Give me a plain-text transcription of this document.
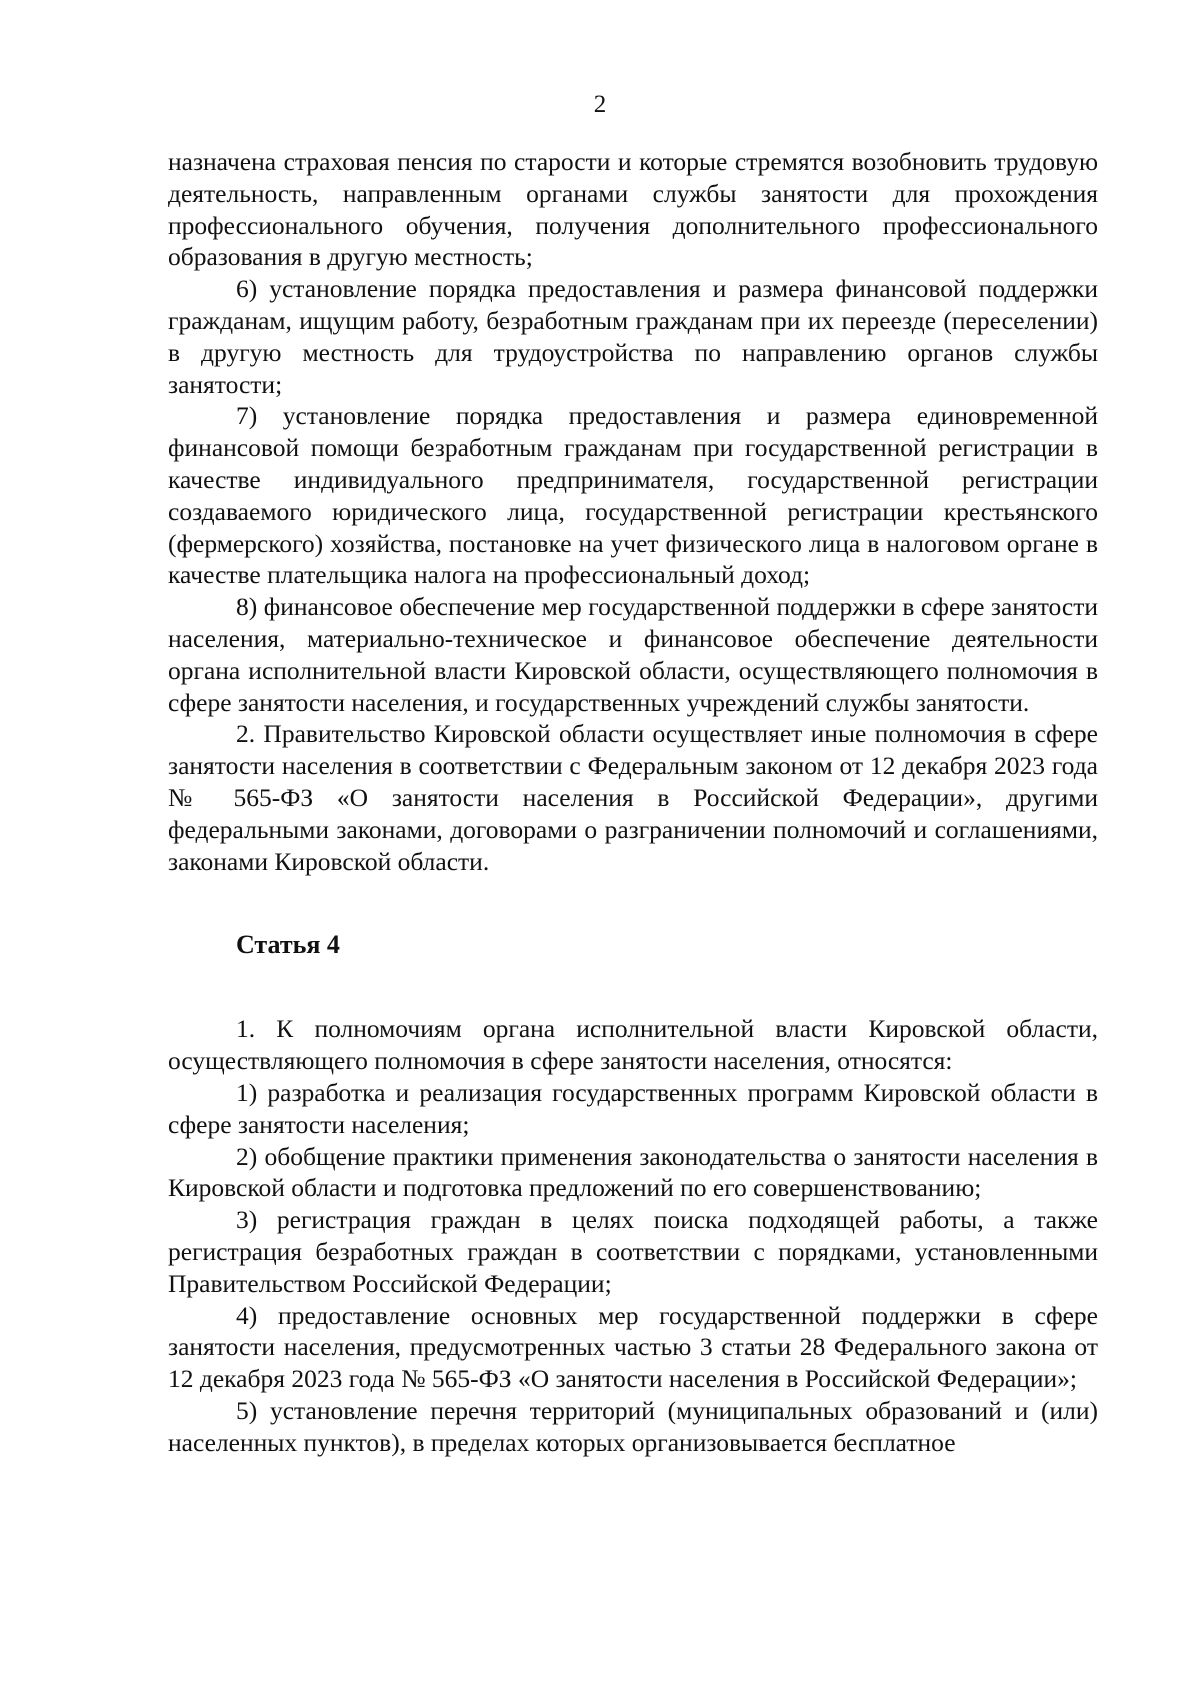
2

назначена страховая пенсия по старости и которые стремятся возобновить трудовую деятельность, направленным органами службы занятости для прохождения профессионального обучения, получения дополнительного профессионального образования в другую местность;

6) установление порядка предоставления и размера финансовой поддержки гражданам, ищущим работу, безработным гражданам при их переезде (переселении) в другую местность для трудоустройства по направлению органов службы занятости;

7) установление порядка предоставления и размера единовременной финансовой помощи безработным гражданам при государственной регистрации в качестве индивидуального предпринимателя, государственной регистрации создаваемого юридического лица, государственной регистрации крестьянского (фермерского) хозяйства, постановке на учет физического лица в налоговом органе в качестве плательщика налога на профессиональный доход;

8) финансовое обеспечение мер государственной поддержки в сфере занятости населения, материально-техническое и финансовое обеспечение деятельности органа исполнительной власти Кировской области, осуществляющего полномочия в сфере занятости населения, и государственных учреждений службы занятости.

2. Правительство Кировской области осуществляет иные полномочия в сфере занятости населения в соответствии с Федеральным законом от 12 декабря 2023 года № 565-ФЗ «О занятости населения в Российской Федерации», другими федеральными законами, договорами о разграничении полномочий и соглашениями, законами Кировской области.

Статья 4

1. К полномочиям органа исполнительной власти Кировской области, осуществляющего полномочия в сфере занятости населения, относятся:

1) разработка и реализация государственных программ Кировской области в сфере занятости населения;

2) обобщение практики применения законодательства о занятости населения в Кировской области и подготовка предложений по его совершенствованию;

3) регистрация граждан в целях поиска подходящей работы, а также регистрация безработных граждан в соответствии с порядками, установленными Правительством Российской Федерации;

4) предоставление основных мер государственной поддержки в сфере занятости населения, предусмотренных частью 3 статьи 28 Федерального закона от 12 декабря 2023 года № 565-ФЗ «О занятости населения в Российской Федерации»;

5) установление перечня территорий (муниципальных образований и (или) населенных пунктов), в пределах которых организовывается бесплатное
